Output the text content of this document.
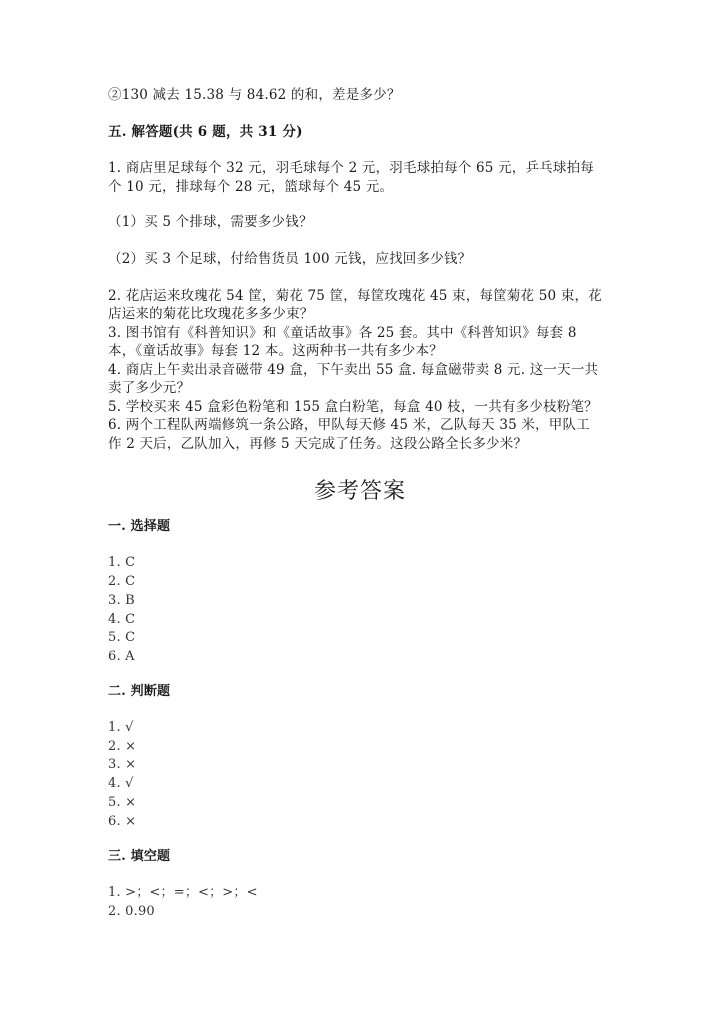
②130 减去 15.38 与 84.62 的和，差是多少？
五. 解答题(共 6 题，共 31 分)
1. 商店里足球每个 32 元，羽毛球每个 2 元，羽毛球拍每个 65 元，乒乓球拍每
个 10 元，排球每个 28 元，篮球每个 45 元。
（1）买 5 个排球，需要多少钱？
（2）买 3 个足球，付给售货员 100 元钱，应找回多少钱？
2. 花店运来玫瑰花 54 筐，菊花 75 筐，每筐玫瑰花 45 束，每筐菊花 50 束，花
店运来的菊花比玫瑰花多多少束？
3. 图书馆有《科普知识》和《童话故事》各 25 套。其中《科普知识》每套 8
本，《童话故事》每套 12 本。这两种书一共有多少本？
4. 商店上午卖出录音磁带 49 盒，下午卖出 55 盒. 每盒磁带卖 8 元. 这一天一共
卖了多少元？
5. 学校买来 45 盒彩色粉笔和 155 盒白粉笔，每盒 40 枝，一共有多少枝粉笔？
6. 两个工程队两端修筑一条公路，甲队每天修 45 米，乙队每天 35 米，甲队工
作 2 天后，乙队加入，再修 5 天完成了任务。这段公路全长多少米？
参考答案
一. 选择题
1. C
2. C
3. B
4. C
5. C
6. A
二. 判断题
1. √
2. ×
3. ×
4. √
5. ×
6. ×
三. 填空题
1. >；<；=；<；>；<
2. 0.90
